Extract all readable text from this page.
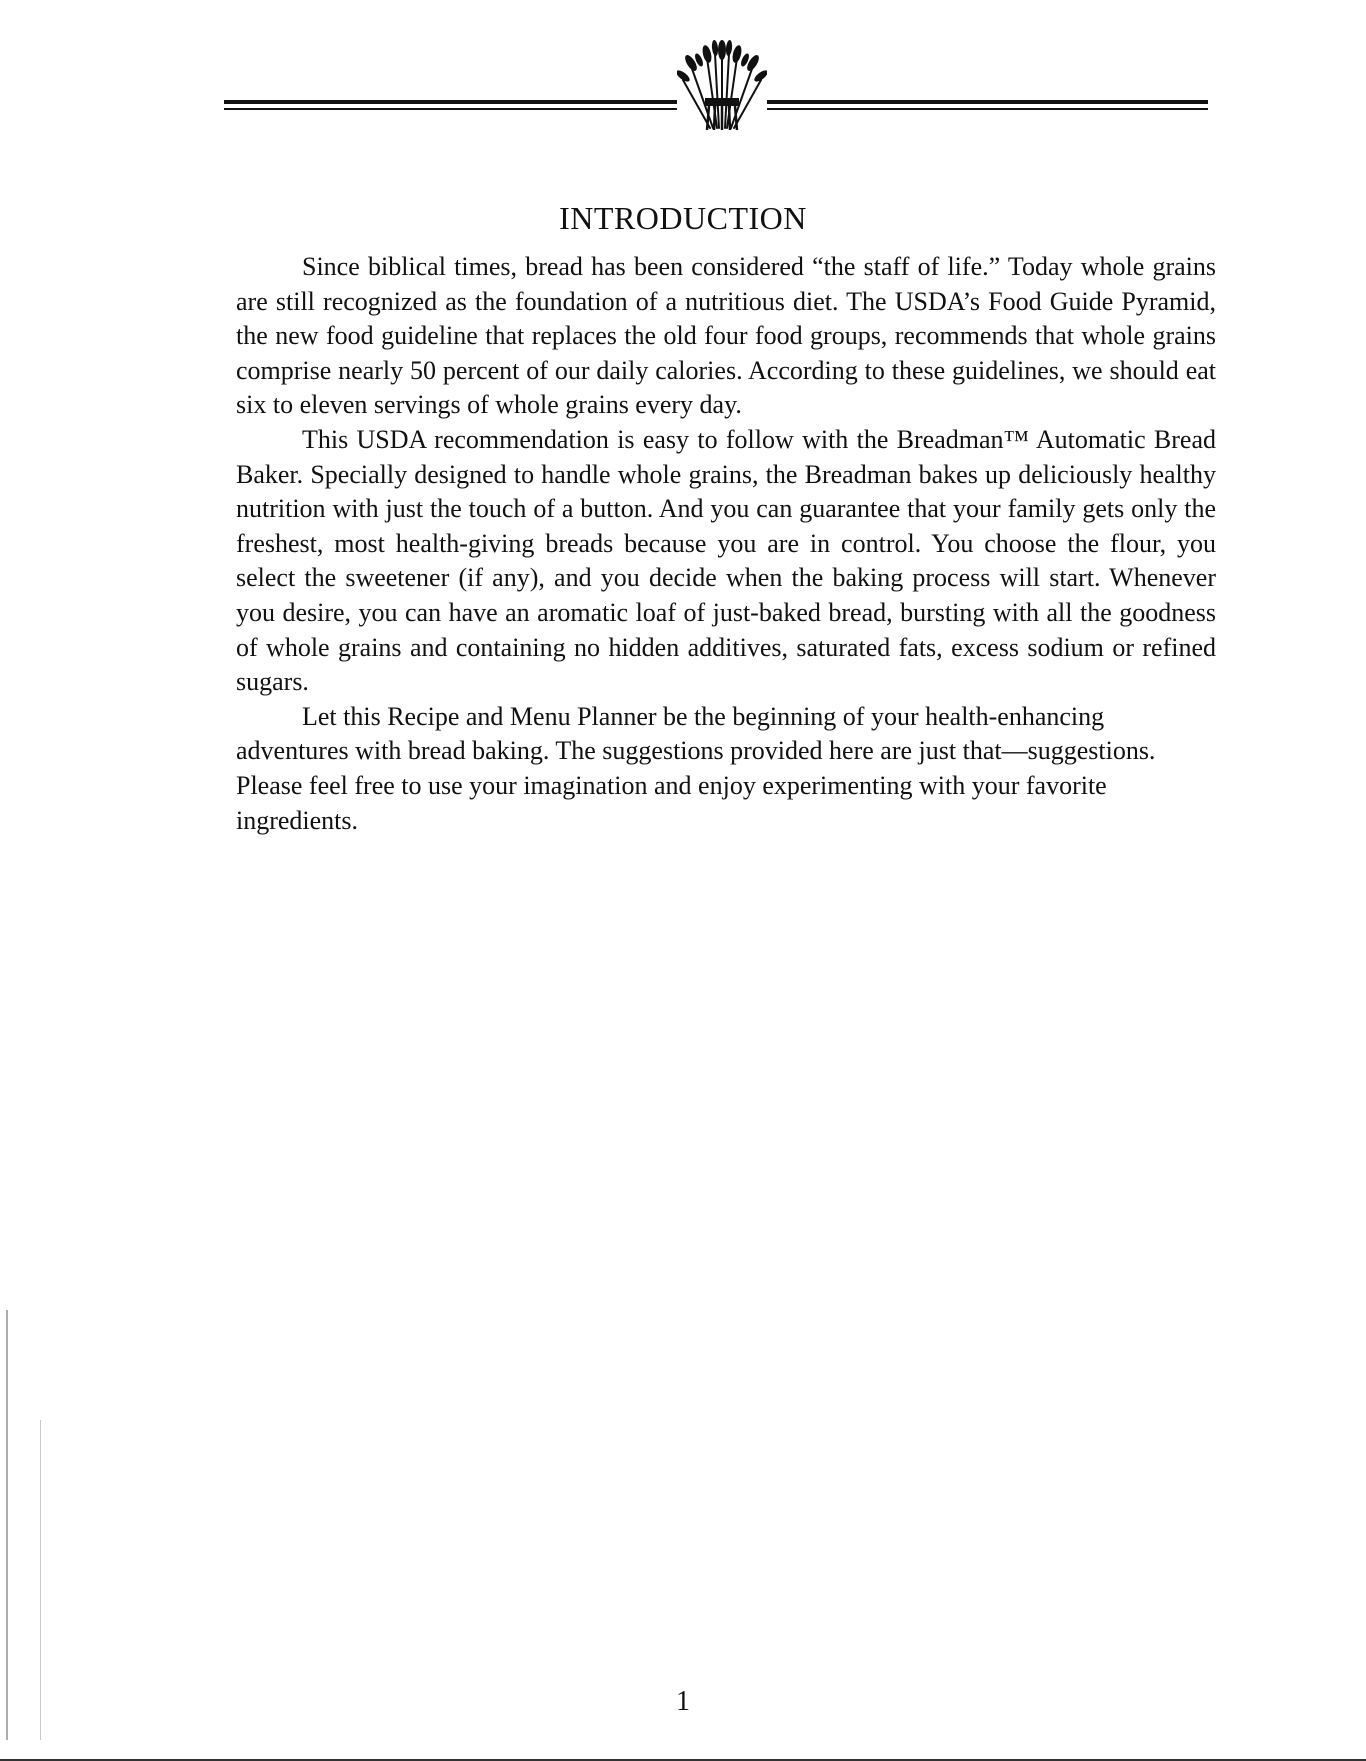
INTRODUCTION

Since biblical times, bread has been considered “the staff of life.” Today whole grains are still recognized as the foundation of a nutritious diet. The USDA’s Food Guide Pyramid, the new food guideline that replaces the old four food groups, recommends that whole grains comprise nearly 50 percent of our daily calories. According to these guidelines, we should eat six to eleven servings of whole grains every day.

This USDA recommendation is easy to follow with the Breadman™ Automatic Bread Baker. Specially designed to handle whole grains, the Breadman bakes up deliciously healthy nutrition with just the touch of a button. And you can guarantee that your family gets only the freshest, most health-giving breads because you are in control. You choose the flour, you select the sweetener (if any), and you decide when the baking process will start. Whenever you desire, you can have an aromatic loaf of just-baked bread, bursting with all the goodness of whole grains and containing no hidden additives, saturated fats, excess sodium or refined sugars.

Let this Recipe and Menu Planner be the beginning of your health-enhancing adventures with bread baking. The suggestions provided here are just that—suggestions. Please feel free to use your imagination and enjoy experimenting with your favorite ingredients.

1
